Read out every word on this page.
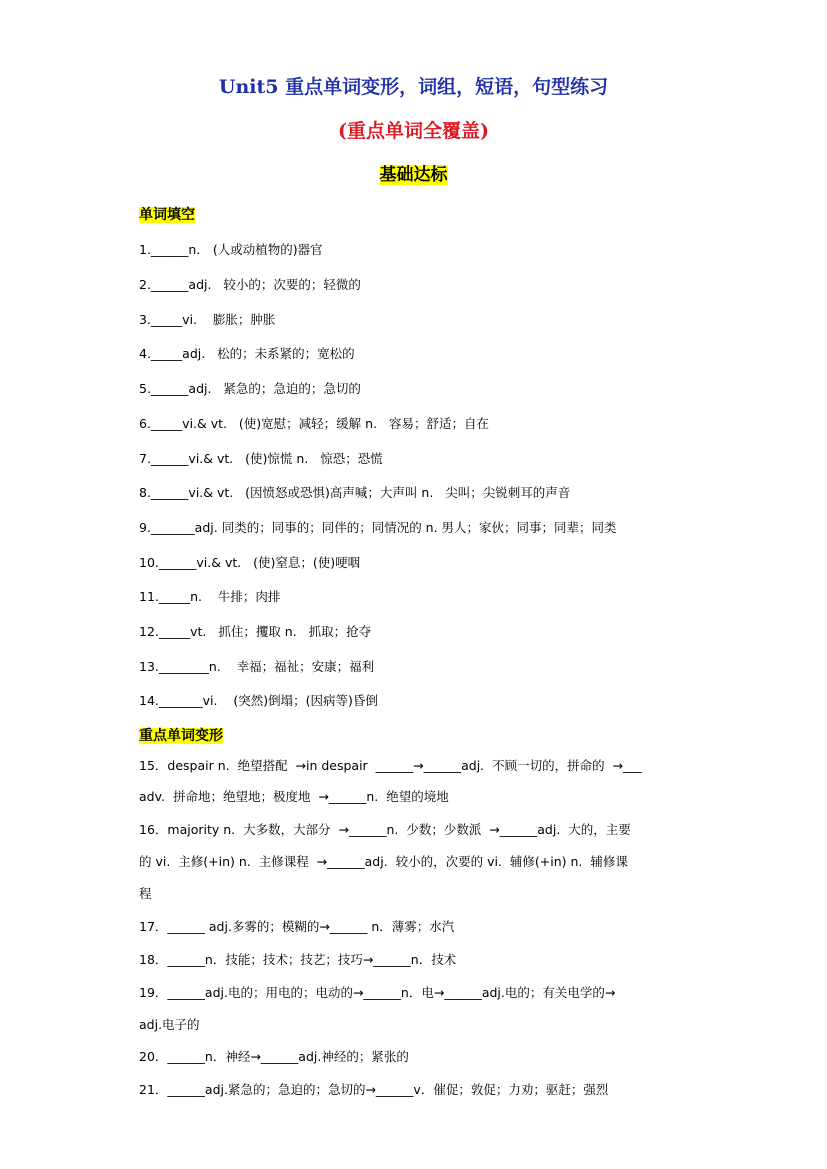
Unit5 重点单词变形，词组，短语，句型练习
(重点单词全覆盖)
基础达标
单词填空
1.______n． (人或动植物的)器官
2.______adj.   较小的；次要的；轻微的
3._____vi.    膨胀；肿胀
4._____adj.   松的；未系紧的；宽松的
5.______adj.   紧急的；急迫的；急切的
6._____vi.& vt.   (使)宽慰；减轻；缓解 n.   容易；舒适；自在
7.______vi.& vt.   (使)惊慌 n.   惊恐；恐慌
8.______vi.& vt.   (因愤怒或恐惧)高声喊；大声叫 n.   尖叫；尖锐刺耳的声音
9._______adj. 同类的；同事的；同伴的；同情况的 n. 男人；家伙；同事；同辈；同类
10.______vi.& vt.   (使)窒息；(使)哽咽
11._____n.    牛排；肉排
12._____vt.   抓住；攫取 n.   抓取；抢夺
13.________n.    幸福；福祉；安康；福利
14._______vi.    (突然)倒塌；(因病等)昏倒
重点单词变形
15．despair n.  绝望搭配  →in despair  ______→______adj.  不顾一切的，拼命的  →___
adv.  拼命地；绝望地；极度地  →______n.  绝望的境地
16．majority n.  大多数，大部分  →______n.  少数；少数派  →______adj.  大的，主要
的 vi.  主修(+in) n.  主修课程  →______adj.  较小的，次要的 vi.  辅修(+in) n.  辅修课
程
17．______ adj.多雾的；模糊的→______ n．薄雾；水汽
18．______n．技能；技术；技艺；技巧→______n．技术
19．______adj.电的；用电的；电动的→______n．电→______adj.电的；有关电学的→
adj.电子的
20．______n．神经→______adj.神经的；紧张的
21．______adj.紧急的；急迫的；急切的→______v．催促；敦促；力劝；驱赶；强烈
